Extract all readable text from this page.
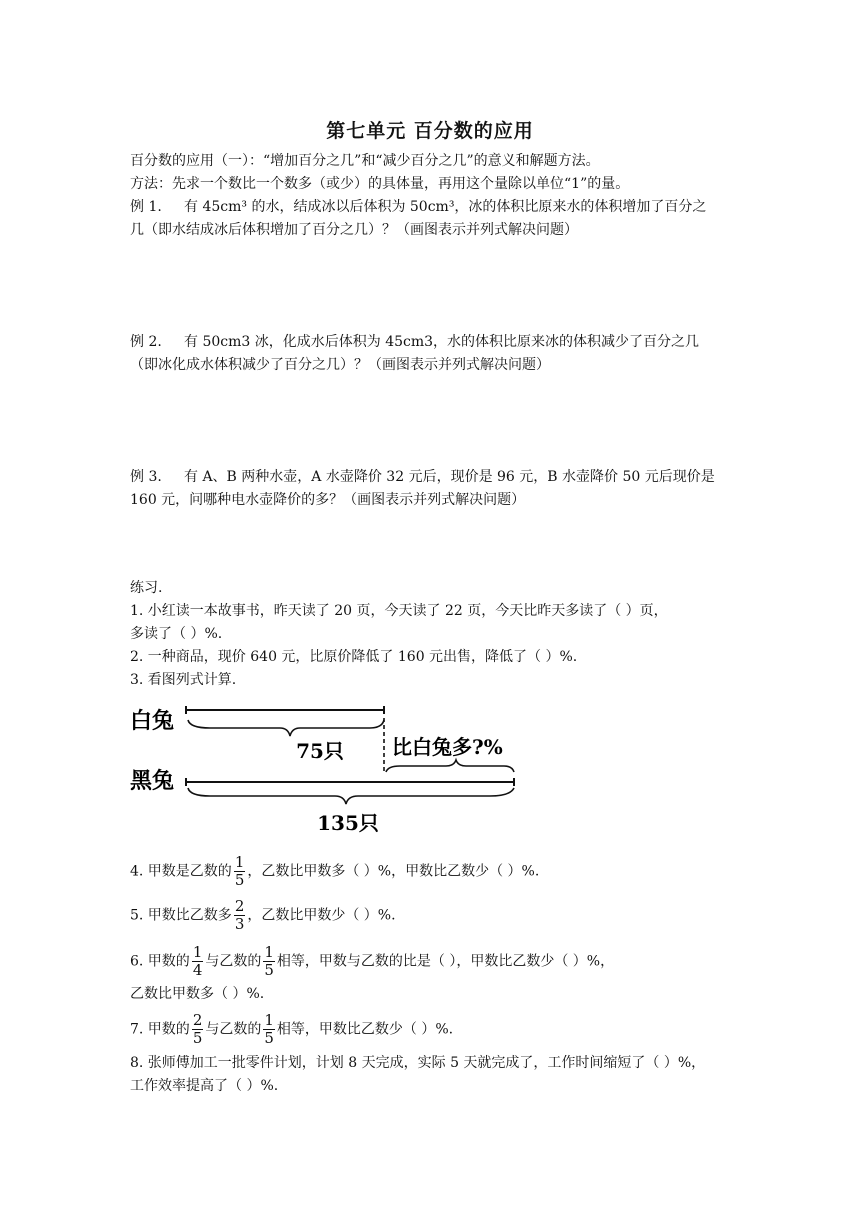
第七单元 百分数的应用
百分数的应用（一）：“增加百分之几”和“减少百分之几”的意义和解题方法。
方法：先求一个数比一个数多（或少）的具体量，再用这个量除以单位“1”的量。
例 1. 有 45cm³ 的水，结成冰以后体积为 50cm³，冰的体积比原来水的体积增加了百分之
几（即水结成冰后体积增加了百分之几）？（画图表示并列式解决问题）
例 2. 有 50cm3 冰，化成水后体积为 45cm3，水的体积比原来冰的体积减少了百分之几
（即冰化成水体积减少了百分之几）？（画图表示并列式解决问题）
例 3. 有 A、B 两种水壶，A 水壶降价 32 元后，现价是 96 元，B 水壶降价 50 元后现价是
160 元，问哪种电水壶降价的多？（画图表示并列式解决问题）
练习.
1. 小红读一本故事书，昨天读了 20 页，今天读了 22 页，今天比昨天多读了（ ）页，
多读了（ ）%.
2. 一种商品，现价 640 元，比原价降低了 160 元出售，降低了（ ）%.
3. 看图列式计算.
白兔
黑兔
75只 比白兔多?%
135只
4. 甲数是乙数的 $\frac{1}{5}$ ，乙数比甲数多（ ）%，甲数比乙数少（ ）%.
5. 甲数比乙数多 $\frac{2}{3}$ ，乙数比甲数少（ ）%.
6. 甲数的 $\frac{1}{4}$ 与乙数的 $\frac{1}{5}$ 相等，甲数与乙数的比是（ ），甲数比乙数少（ ）%，
乙数比甲数多（ ）%.
7. 甲数的 $\frac{2}{5}$ 与乙数的 $\frac{1}{5}$ 相等，甲数比乙数少（ ）%.
8. 张师傅加工一批零件计划，计划 8 天完成，实际 5 天就完成了，工作时间缩短了（ ）%，
工作效率提高了（ ）%.
